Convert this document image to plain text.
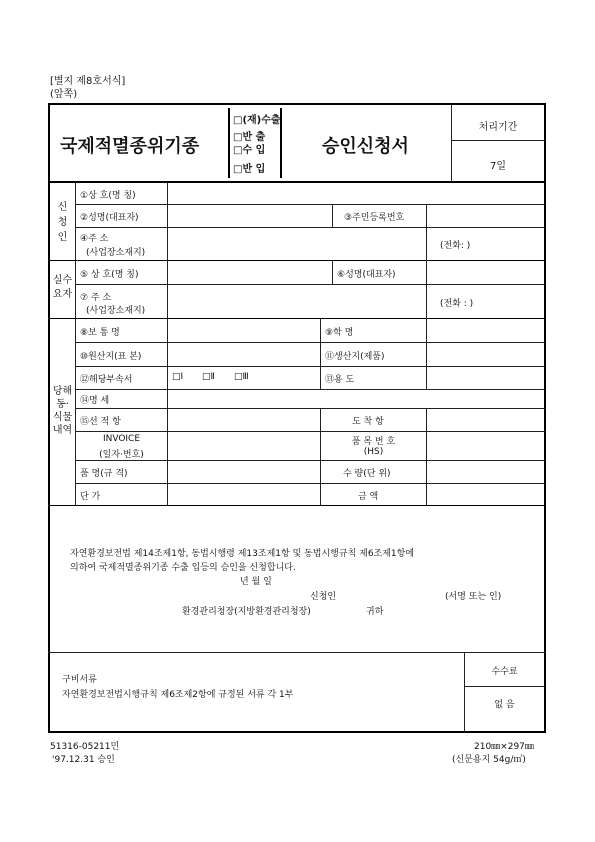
[별지 제8호서식]
(앞쪽)
국제적멸종위기종
□(재)수출
□반 출
□수 입
□반 입
승인신청서
처리기간
7일
신청인
실수요자
당해동·식물내역
①상 호(명 칭)
②성명(대표자)	③주민등록번호
④주 소
(사업장소재지)
(전화: )
⑤ 상 호(명 칭)	⑥성명(대표자)
⑦ 주 소
(사업장소재지)
(전화 : )
⑧보 통 명	⑨학 명
⑩원산지(표 본)	⑪생산지(제품)
⑫해당부속서	□Ⅰ □Ⅱ □Ⅲ	⑬용 도
⑭명 세
⑮선 적 항	도 착 항
INVOICE
(일자·번호)
품 목 번 호
(HS)
품 명(규 격)	수 량(단 위)
단 가	금 액
자연환경보전법 제14조제1항, 동법시행령 제13조제1항 및 동법시행규칙 제6조제1항에
의하여 국제적멸종위기종 수출 입등의 승인을 신청합니다.
년 월 일
신청인	(서명 또는 인)
환경관리청장(지방환경관리청장)	귀하
구비서류
자연환경보전법시행규칙 제6조제2항에 규정된 서류 각 1부
수수료
없 음
51316-05211민
'97.12.31 승인
210㎜×297㎜
(신문용지 54g/㎡)
